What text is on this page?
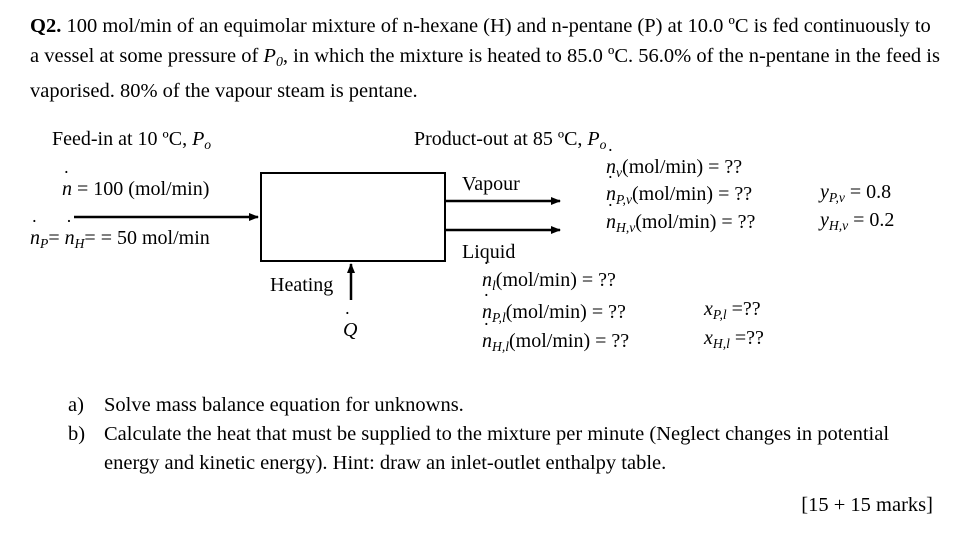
Q2. 100 mol/min of an equimolar mixture of n-hexane (H) and n-pentane (P) at 10.0 ºC is fed continuously to a vessel at some pressure of $P_0$, in which the mixture is heated to 85.0 ºC. 56.0% of the n-pentane in the feed is vaporised. 80% of the vapour steam is pentane.
Feed-in at 10 ºC, $P_o$
n ˙ = 100 (mol/min)
n $˙_P= n$ $˙_H= = 50$ mol/min
Product-out at 85 ºC, $P_o$
Vapour
n $˙_v(mol/\min)$ = ??
n $˙_{P,v}(mol/\min)$ = ??
n $˙_{H,v}(mol/\min)$ = ??
$y_{P,v} = 0.8$
$y_{H,v} = 0.2$
Liquid
n $˙_l(mol/\min)$ = ??
n $˙_{P,l}(mol/\min)$ = ??
n $˙_{H,l}(mol/\min)$ = ??
$x_{P,l}$ =??
$x_{H,l}$ =??
Heating
Q ˙
a) Solve mass balance equation for unknowns.
b) Calculate the heat that must be supplied to the mixture per minute (Neglect changes in potential energy and kinetic energy). Hint: draw an inlet-outlet enthalpy table.
[15 + 15 marks]
